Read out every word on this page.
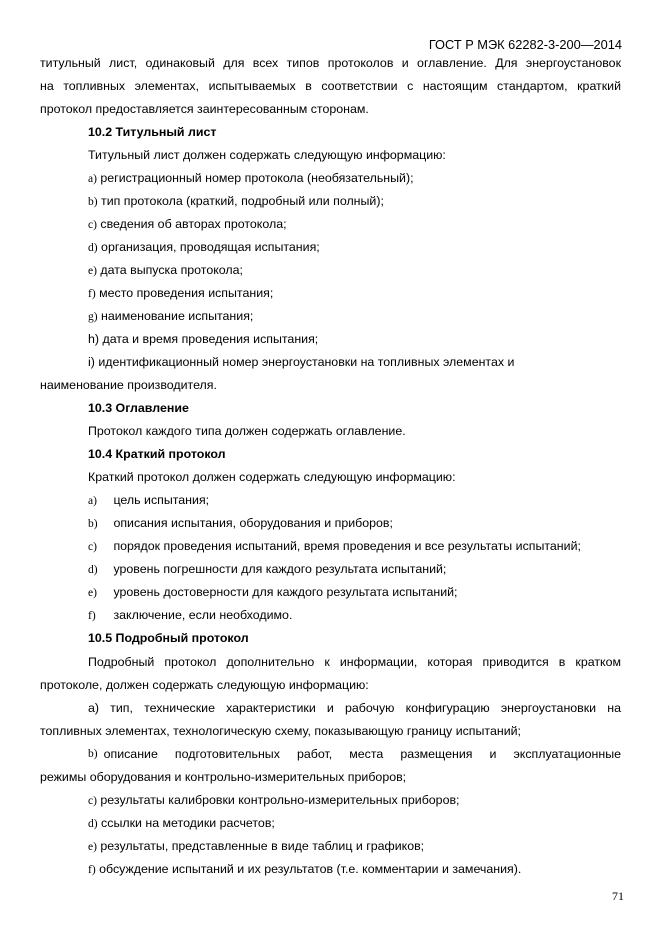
ГОСТ Р МЭК 62282-3-200—2014
титульный лист, одинаковый для всех типов протоколов и оглавление. Для энергоустановок
на топливных элементах, испытываемых в соответствии с настоящим стандартом, краткий
протокол предоставляется заинтересованным сторонам.
10.2 Титульный лист
Титульный лист должен содержать следующую информацию:
a) регистрационный номер протокола (необязательный);
b) тип протокола (краткий, подробный или полный);
c) сведения об авторах протокола;
d) организация, проводящая испытания;
e) дата выпуска протокола;
f) место проведения испытания;
g) наименование испытания;
h) дата и время проведения испытания;
i) идентификационный номер энергоустановки на топливных элементах и
наименование производителя.
10.3 Оглавление
Протокол каждого типа должен содержать оглавление.
10.4 Краткий протокол
Краткий протокол должен содержать следующую информацию:
a) цель испытания;
b) описания испытания, оборудования и приборов;
c) порядок проведения испытаний, время проведения и все результаты испытаний;
d) уровень погрешности для каждого результата испытаний;
e) уровень достоверности для каждого результата испытаний;
f) заключение, если необходимо.
10.5 Подробный протокол
Подробный протокол дополнительно к информации, которая приводится в кратком
протоколе, должен содержать следующую информацию:
а) тип, технические характеристики и рабочую конфигурацию энергоустановки на
топливных элементах, технологическую схему, показывающую границу испытаний;
b) описание подготовительных работ, места размещения и эксплуатационные
режимы оборудования и контрольно-измерительных приборов;
c) результаты калибровки контрольно-измерительных приборов;
d) ссылки на методики расчетов;
e) результаты, представленные в виде таблиц и графиков;
f) обсуждение испытаний и их результатов (т.е. комментарии и замечания).
71
